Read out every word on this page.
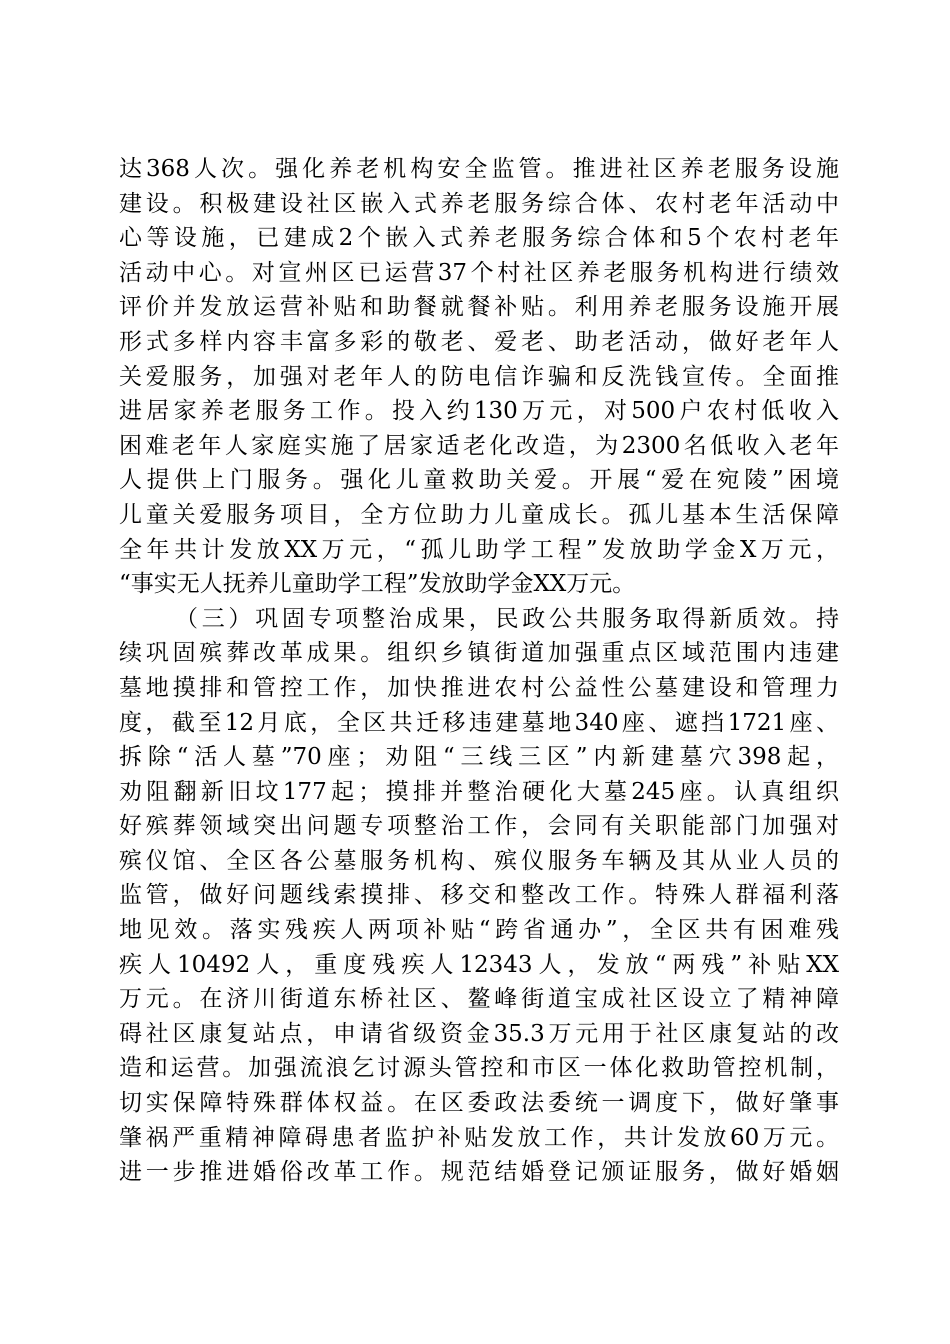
达368人次。强化养老机构安全监管。推进社区养老服务设施
建设。积极建设社区嵌入式养老服务综合体、农村老年活动中
心等设施，已建成2个嵌入式养老服务综合体和5个农村老年
活动中心。对宣州区已运营37个村社区养老服务机构进行绩效
评价并发放运营补贴和助餐就餐补贴。利用养老服务设施开展
形式多样内容丰富多彩的敬老、爱老、助老活动，做好老年人
关爱服务，加强对老年人的防电信诈骗和反洗钱宣传。全面推
进居家养老服务工作。投入约130万元，对500户农村低收入
困难老年人家庭实施了居家适老化改造，为2300名低收入老年
人提供上门服务。强化儿童救助关爱。开展“爱在宛陵”困境
儿童关爱服务项目，全方位助力儿童成长。孤儿基本生活保障
全年共计发放XX万元，“孤儿助学工程”发放助学金X万元，
“事实无人抚养儿童助学工程”发放助学金XX万元。
（三）巩固专项整治成果，民政公共服务取得新质效。持
续巩固殡葬改革成果。组织乡镇街道加强重点区域范围内违建
墓地摸排和管控工作，加快推进农村公益性公墓建设和管理力
度，截至12月底，全区共迁移违建墓地340座、遮挡1721座、
拆除“活人墓”70座；劝阻“三线三区”内新建墓穴398起，
劝阻翻新旧坟177起；摸排并整治硬化大墓245座。认真组织
好殡葬领域突出问题专项整治工作，会同有关职能部门加强对
殡仪馆、全区各公墓服务机构、殡仪服务车辆及其从业人员的
监管，做好问题线索摸排、移交和整改工作。特殊人群福利落
地见效。落实残疾人两项补贴“跨省通办”，全区共有困难残
疾人10492人，重度残疾人12343人，发放“两残”补贴XX
万元。在济川街道东桥社区、鳌峰街道宝成社区设立了精神障
碍社区康复站点，申请省级资金35.3万元用于社区康复站的改
造和运营。加强流浪乞讨源头管控和市区一体化救助管控机制，
切实保障特殊群体权益。在区委政法委统一调度下，做好肇事
肇祸严重精神障碍患者监护补贴发放工作，共计发放60万元。
进一步推进婚俗改革工作。规范结婚登记颁证服务，做好婚姻
